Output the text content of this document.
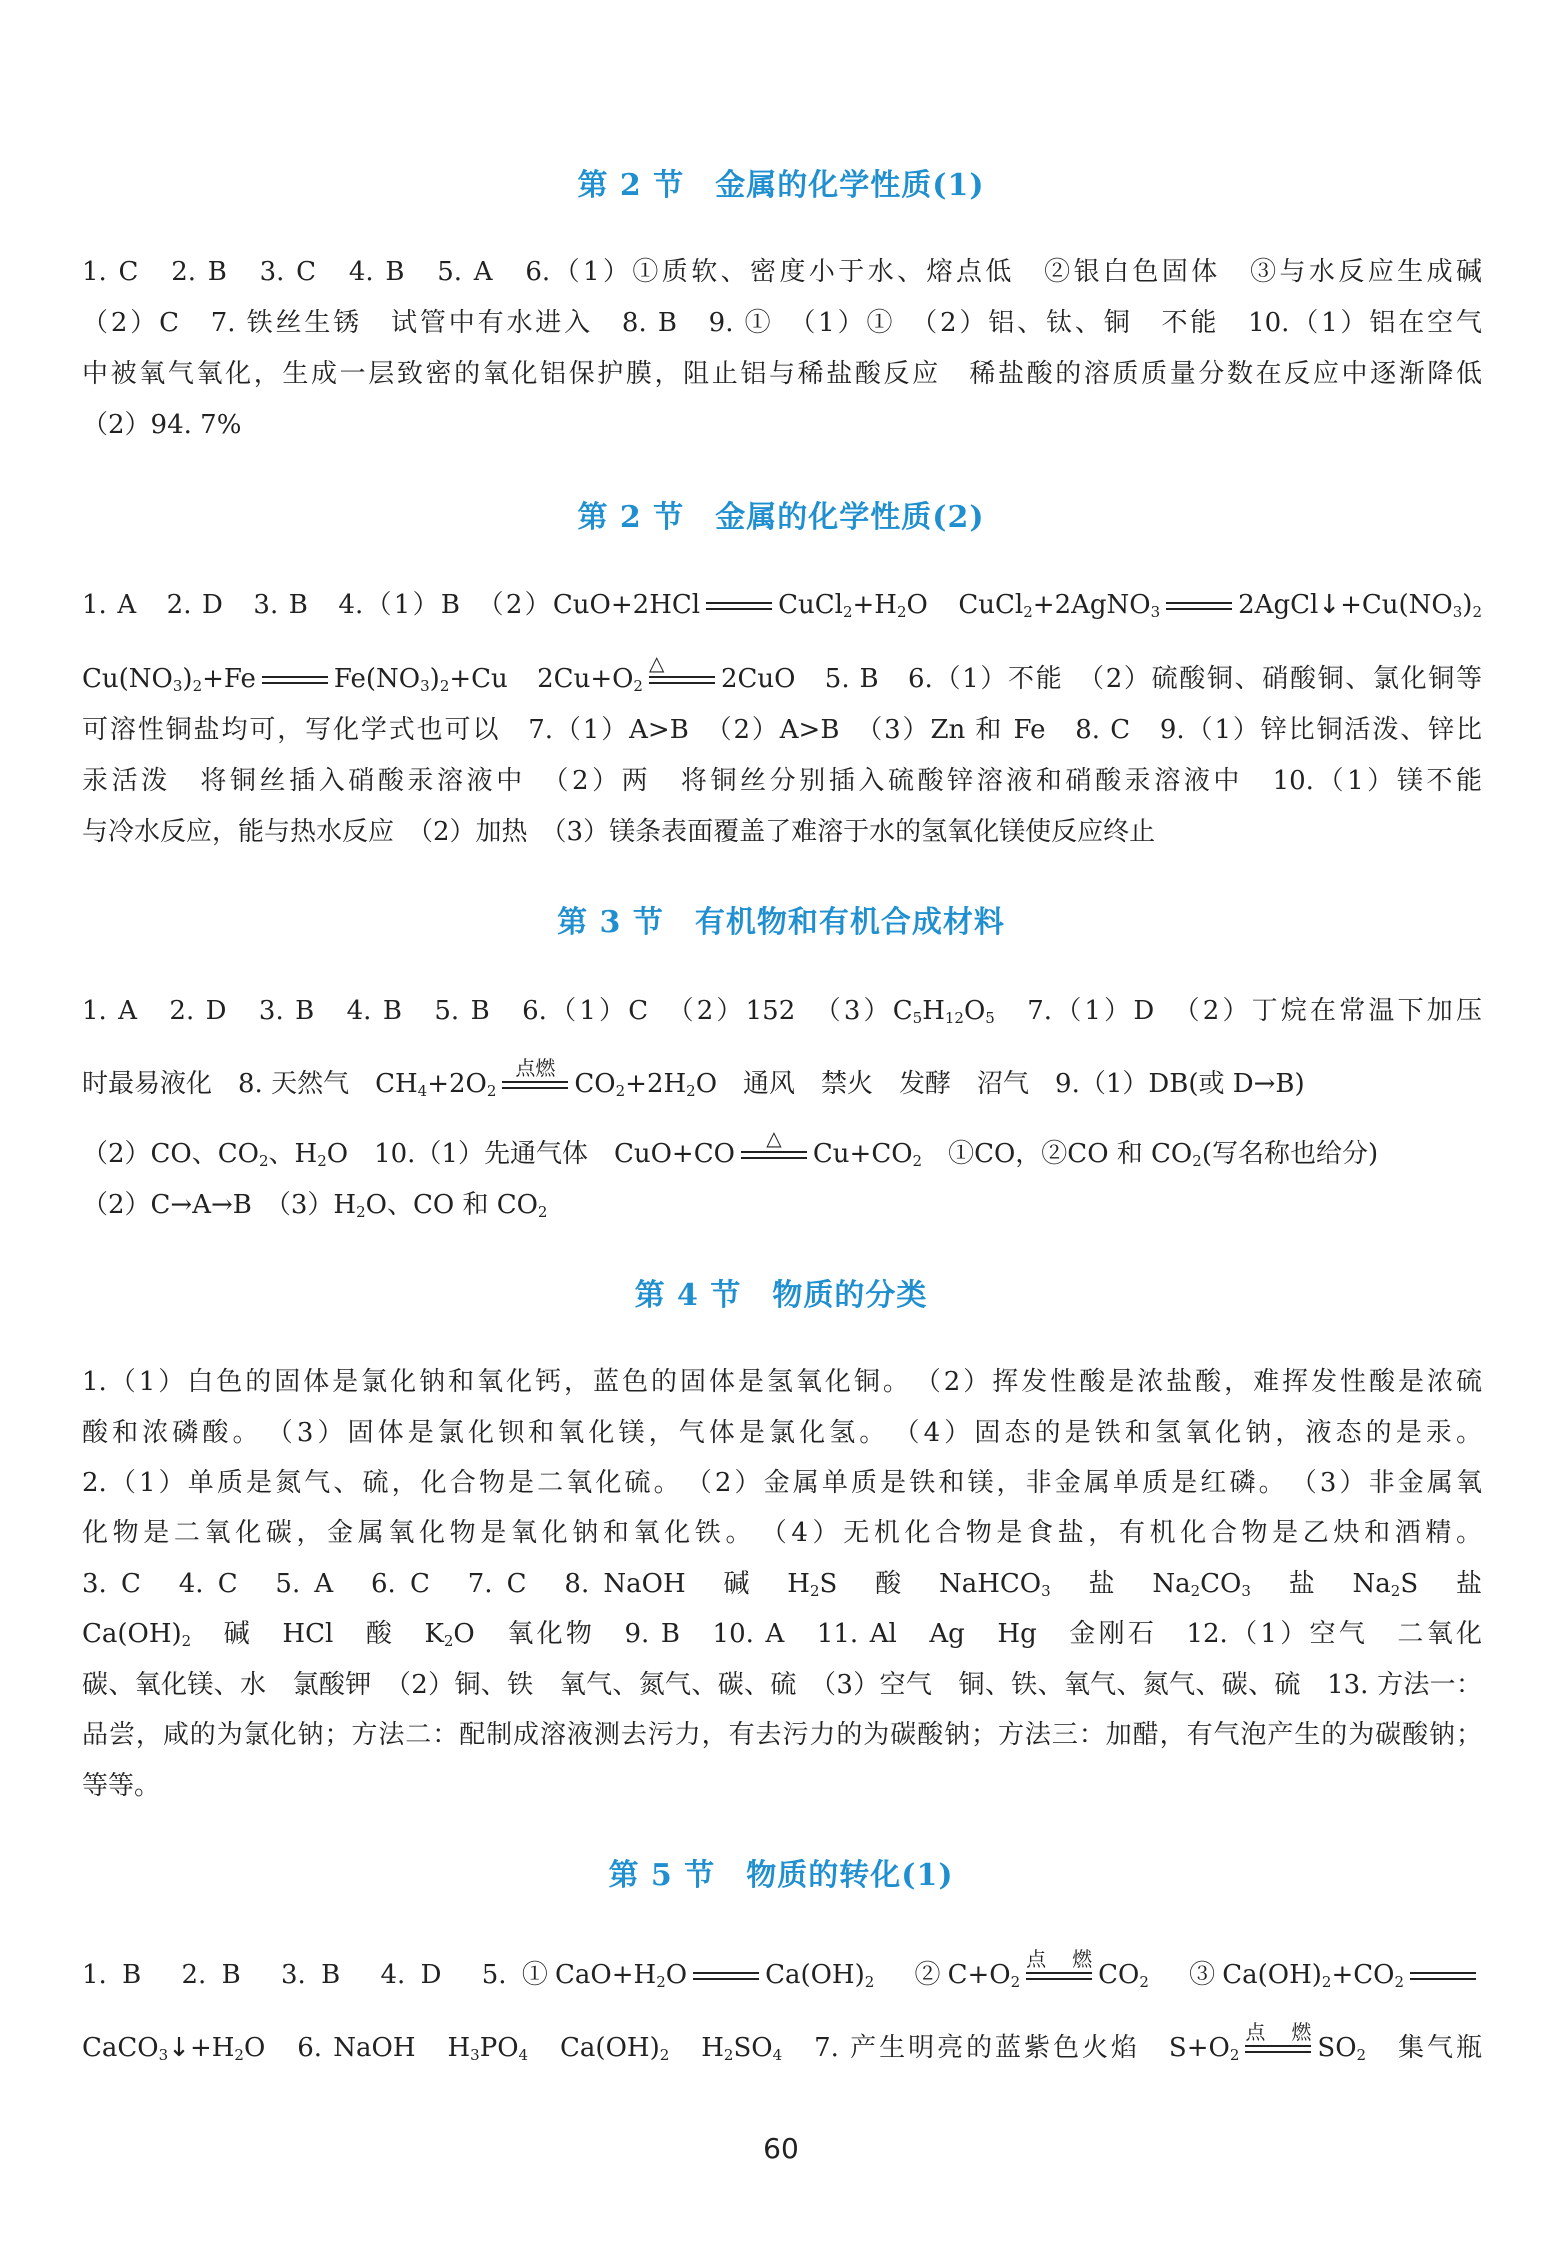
第 2 节　金属的化学性质(1)
1. C　2. B　3. C　4. B　5. A　6.（1）①质软、密度小于水、熔点低　②银白色固体　③与水反应生成碱
（2）C　7. 铁丝生锈　试管中有水进入　8. B　9. ①　（1）①　（2）铝、钛、铜　不能　10.（1）铝在空气
中被氧气氧化，生成一层致密的氧化铝保护膜，阻止铝与稀盐酸反应　稀盐酸的溶质质量分数在反应中逐渐降低
（2）94. 7%
第 2 节　金属的化学性质(2)
1. A　2. D　3. B　4.（1）B　（2）CuO+2HCl	$CuCl_2+H_2O$　CuCl$_2$+2AgNO$_3$	$2AgCl↓+Cu(NO_3)_2$
$Cu(NO_3)_2+Fe$	$Fe(NO_3)_2+Cu$　$2Cu+O_2$
△
2CuO　5. B　6.（1）不能　（2）硫酸铜、硝酸铜、氯化铜等
可溶性铜盐均可，写化学式也可以　7.（1）A>B　（2）A>B　（3）Zn 和 Fe　8. C　9.（1）锌比铜活泼、锌比
汞活泼　将铜丝插入硝酸汞溶液中　（2）两　将铜丝分别插入硫酸锌溶液和硝酸汞溶液中　10.（1）镁不能
与冷水反应，能与热水反应　（2）加热　（3）镁条表面覆盖了难溶于水的氢氧化镁使反应终止
第 3 节　有机物和有机合成材料
1. A　2. D　3. B　4. B　5. B　6.（1）C　（2）152　$(3)C_5H_{12}O_5$　7.（1）D　（2）丁烷在常温下加压
时最易液化　8. 天然气　$CH_4+2O_2$
点燃
$CO_2+2H_2O$　通风　禁火　发酵　沼气　9.（1）DB(或 D→B)
（2）CO、$CO_2$、$H_2O$　10.（1）先通气体　CuO+CO
△
$Cu+CO_2$　①CO，②CO 和 $CO_2$(写名称也给分)
（2）C→A→B　$(3)H_2O$、CO 和 $CO_2$
第 4 节　物质的分类
1.（1）白色的固体是氯化钠和氧化钙，蓝色的固体是氢氧化铜。　（2）挥发性酸是浓盐酸，难挥发性酸是浓硫
酸和浓磷酸。　（3）固体是氯化钡和氧化镁，气体是氯化氢。　（4）固态的是铁和氢氧化钠，液态的是汞。
2.（1）单质是氮气、硫，化合物是二氧化硫。　（2）金属单质是铁和镁，非金属单质是红磷。　（3）非金属氧
化物是二氧化碳，金属氧化物是氧化钠和氧化铁。　（4）无机化合物是食盐，有机化合物是乙炔和酒精。
3. C　4. C　5. A　6. C　7. C　8. NaOH　碱　$H_2S$　酸　NaHCO$_3$　盐　$Na_2CO_3$　盐　$Na_2S$　盐
$Ca(OH)_2$　碱　HCl　酸　$K_2O$　氧化物　9. B　10. A　11. Al　Ag　Hg　金刚石　12.（1）空气　二氧化
碳、氧化镁、水　氯酸钾　（2）铜、铁　氧气、氮气、碳、硫　（3）空气　铜、铁、氧气、氮气、碳、硫　13. 方法一：
品尝，咸的为氯化钠；方法二：配制成溶液测去污力，有去污力的为碳酸钠；方法三：加醋，有气泡产生的为碳酸钠；
等等。
第 5 节　物质的转化(1)
1. B　2. B　3. B　4. D　5. $①CaO+H_2O$	$Ca(OH)_2$　$②C+O_2$
点燃
$CO_2$　$③Ca(OH)_2+CO_2$
$CaCO_3↓+H_2O$　6. NaOH　$H_3PO_4$　$Ca(OH)_2$　$H_2SO_4$　7. 产生明亮的蓝紫色火焰　$S+O_2$
点燃
$SO_2$　集气瓶
60
